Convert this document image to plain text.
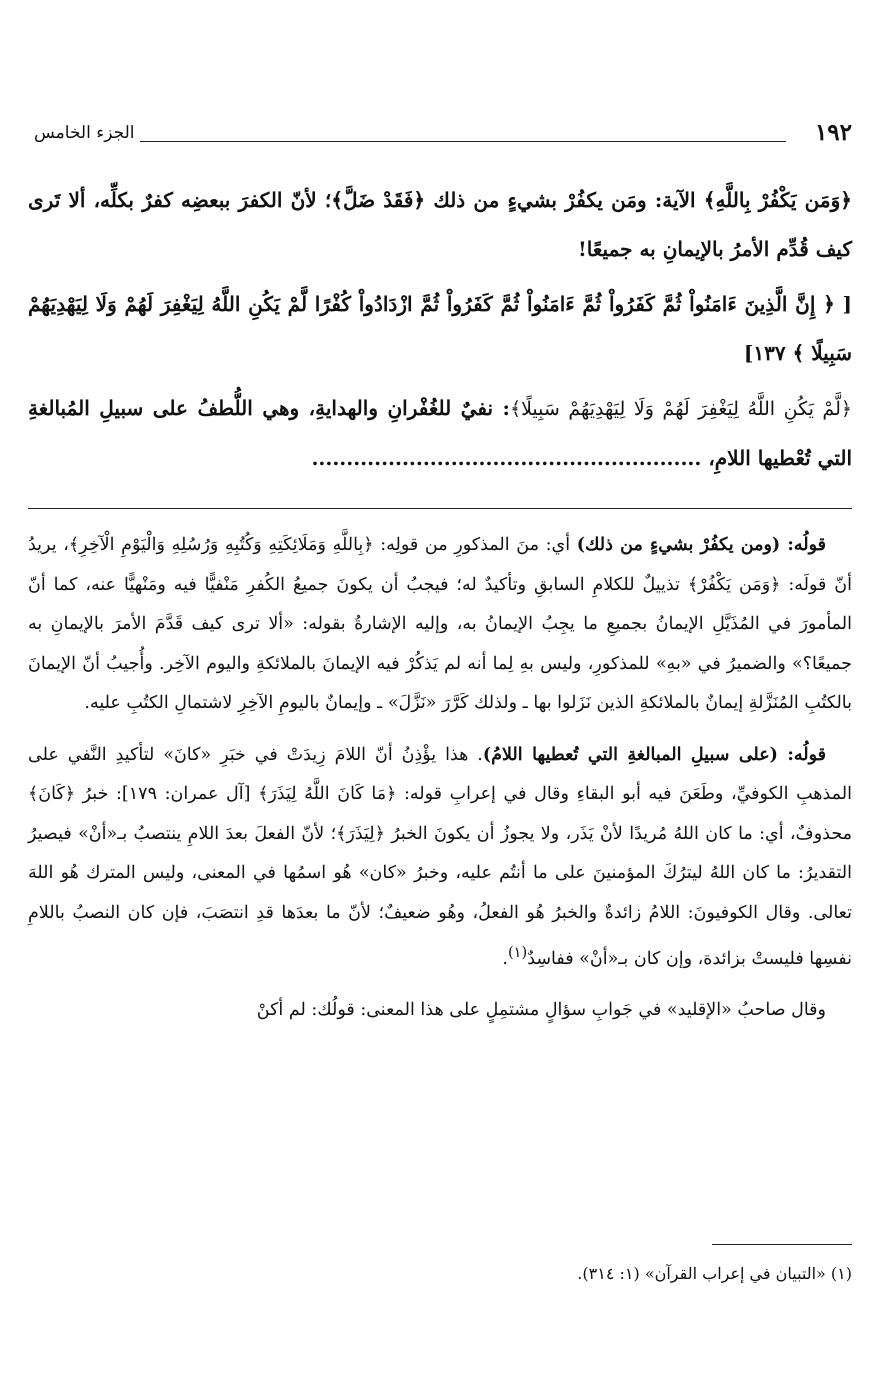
١٩٢
الجزء الخامس

﴿وَمَن يَكْفُرْ بِاللَّهِ﴾ الآية: ومَن يكفُرْ بشيءٍ من ذلك ﴿فَقَدْ ضَلَّ﴾؛ لأنّ الكفرَ ببعضِه كفرٌ بكلِّه، ألا تَرى كيف قُدِّم الأمرُ بالإيمانِ به جميعًا!

[ ﴿ إِنَّ الَّذِينَ ءَامَنُواْ ثُمَّ كَفَرُواْ ثُمَّ ءَامَنُواْ ثُمَّ كَفَرُواْ ثُمَّ ازْدَادُواْ كُفْرًا لَّمْ يَكُنِ اللَّهُ لِيَغْفِرَ لَهُمْ وَلَا لِيَهْدِيَهُمْ سَبِيلًا ﴾ ١٣٧]

﴿لَّمْ يَكُنِ اللَّهُ لِيَغْفِرَ لَهُمْ وَلَا لِيَهْدِيَهُمْ سَبِيلًا﴾: نفيٌ للغُفْرانِ والهدايةِ، وهي اللُّطفُ على سبيلِ المُبالغةِ التي تُعْطيها اللامِ، ........................................................

قولُه: (ومن يكفُرْ بشيءٍ من ذلك) أي: منَ المذكورِ من قولِه: ﴿بِاللَّهِ وَمَلَائِكَتِهِ وَكُتُبِهِ وَرُسُلِهِ وَالْيَوْمِ الْآخِرِ﴾، يريدُ أنّ قولَه: ﴿وَمَن يَكْفُرْ﴾ تذييلٌ للكلامِ السابقِ وتأكيدٌ له؛ فيجبُ أن يكونَ جميعُ الكُفرِ مَنْفيًّا فيه ومَنْهيًّا عنه، كما أنّ المأمورَ في المُذَيَّلِ الإيمانُ بجميعِ ما يجِبُ الإيمانُ به، وإليه الإشارةُ بقوله: «ألا ترى كيف قَدَّمَ الأمرَ بالإيمانِ به جميعًا؟» والضميرُ في «بهِ» للمذكورِ، وليس بهِ لِما أنه لم يَذكُرْ فيه الإيمانَ بالملائكةِ واليوم الآخِر. وأُجيبُ أنّ الإيمانَ بالكتُبِ المُنَزَّلةِ إيمانٌ بالملائكةِ الذين نَزَلوا بها ـ ولذلك كَرَّرَ «نَزَّلَ» ـ وإيمانٌ باليومِ الآخِرِ لاشتمالِ الكتُبِ عليه.

قولُه: (على سبيلِ المبالغةِ التي تُعطيها اللامُ). هذا يؤْذِنُ أنّ اللامَ زِيدَتْ في خبَرِ «كانَ» لتأكيدِ النَّفي على المذهبِ الكوفيِّ، وطَعَنَ فيه أبو البقاءِ وقال في إعرابِ قوله: ﴿مَا كَانَ اللَّهُ لِيَذَرَ﴾ [آل عمران: ١٧٩]: خبرُ ﴿كَانَ﴾ محذوفٌ، أي: ما كان اللهُ مُريدًا لأنْ يَذَر، ولا يجوزُ أن يكونَ الخبرُ ﴿لِيَذَرَ﴾؛ لأنّ الفعلَ بعدَ اللامِ ينتصبُ بـ«أنْ» فيصيرُ التقديرُ: ما كان اللهُ ليترُكَ المؤمنينَ على ما أنتُم عليه، وخبرُ «كان» هُو اسمُها في المعنى، وليس المترك هُو اللهَ تعالى. وقال الكوفيونَ: اللامُ زائدةٌ والخبرُ هُو الفعلُ، وهُو ضعيفٌ؛ لأنّ ما بعدَها قدِ انتصَبَ، فإن كان النصبُ باللامِ نفسِها فليستْ بزائدة، وإن كان بـ«أنْ» ففاسِدٌ$^{(١)}$.

وقال صاحبُ «الإقليد» في جَوابِ سؤالٍ مشتمِلٍ على هذا المعنى: قولُك: لم أكنْ

(١) «التبيان في إعراب القرآن» (١: ٣١٤).
